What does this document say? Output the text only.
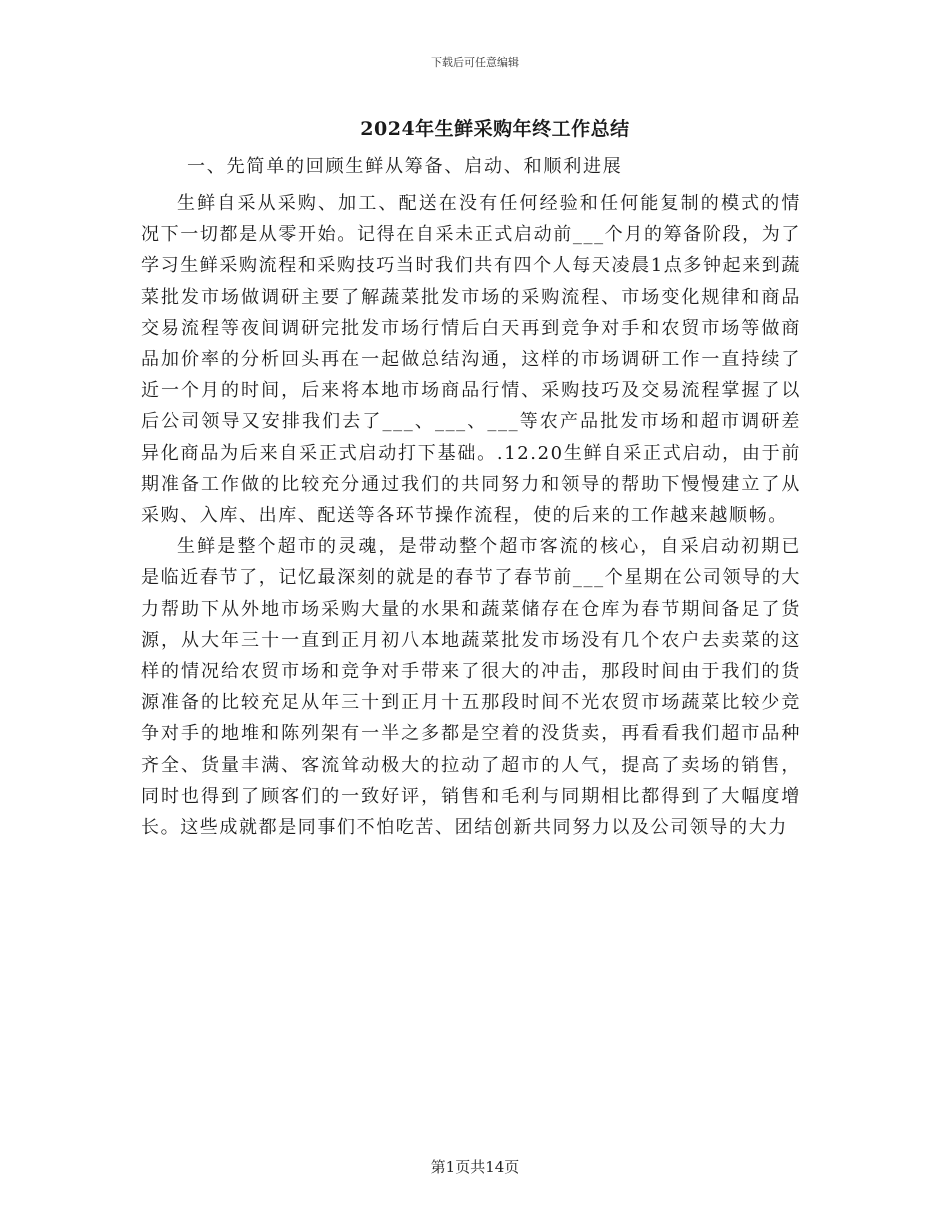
下载后可任意编辑
2024年生鲜采购年终工作总结
一、先简单的回顾生鲜从筹备、启动、和顺利进展

生鲜自采从采购、加工、配送在没有任何经验和任何能复制的模式的情况下一切都是从零开始。记得在自采未正式启动前___个月的筹备阶段，为了学习生鲜采购流程和采购技巧当时我们共有四个人每天凌晨1点多钟起来到蔬菜批发市场做调研主要了解蔬菜批发市场的采购流程、市场变化规律和商品交易流程等夜间调研完批发市场行情后白天再到竞争对手和农贸市场等做商品加价率的分析回头再在一起做总结沟通，这样的市场调研工作一直持续了近一个月的时间，后来将本地市场商品行情、采购技巧及交易流程掌握了以后公司领导又安排我们去了___、___、___等农产品批发市场和超市调研差异化商品为后来自采正式启动打下基础。.12.20生鲜自采正式启动，由于前期准备工作做的比较充分通过我们的共同努力和领导的帮助下慢慢建立了从采购、入库、出库、配送等各环节操作流程，使的后来的工作越来越顺畅。

生鲜是整个超市的灵魂，是带动整个超市客流的核心，自采启动初期已是临近春节了，记忆最深刻的就是的春节了春节前___个星期在公司领导的大力帮助下从外地市场采购大量的水果和蔬菜储存在仓库为春节期间备足了货源，从大年三十一直到正月初八本地蔬菜批发市场没有几个农户去卖菜的这样的情况给农贸市场和竞争对手带来了很大的冲击，那段时间由于我们的货源准备的比较充足从年三十到正月十五那段时间不光农贸市场蔬菜比较少竞争对手的地堆和陈列架有一半之多都是空着的没货卖，再看看我们超市品种齐全、货量丰满、客流耸动极大的拉动了超市的人气，提高了卖场的销售，同时也得到了顾客们的一致好评，销售和毛利与同期相比都得到了大幅度增长。这些成就都是同事们不怕吃苦、团结创新共同努力以及公司领导的大力

第1页共14页
